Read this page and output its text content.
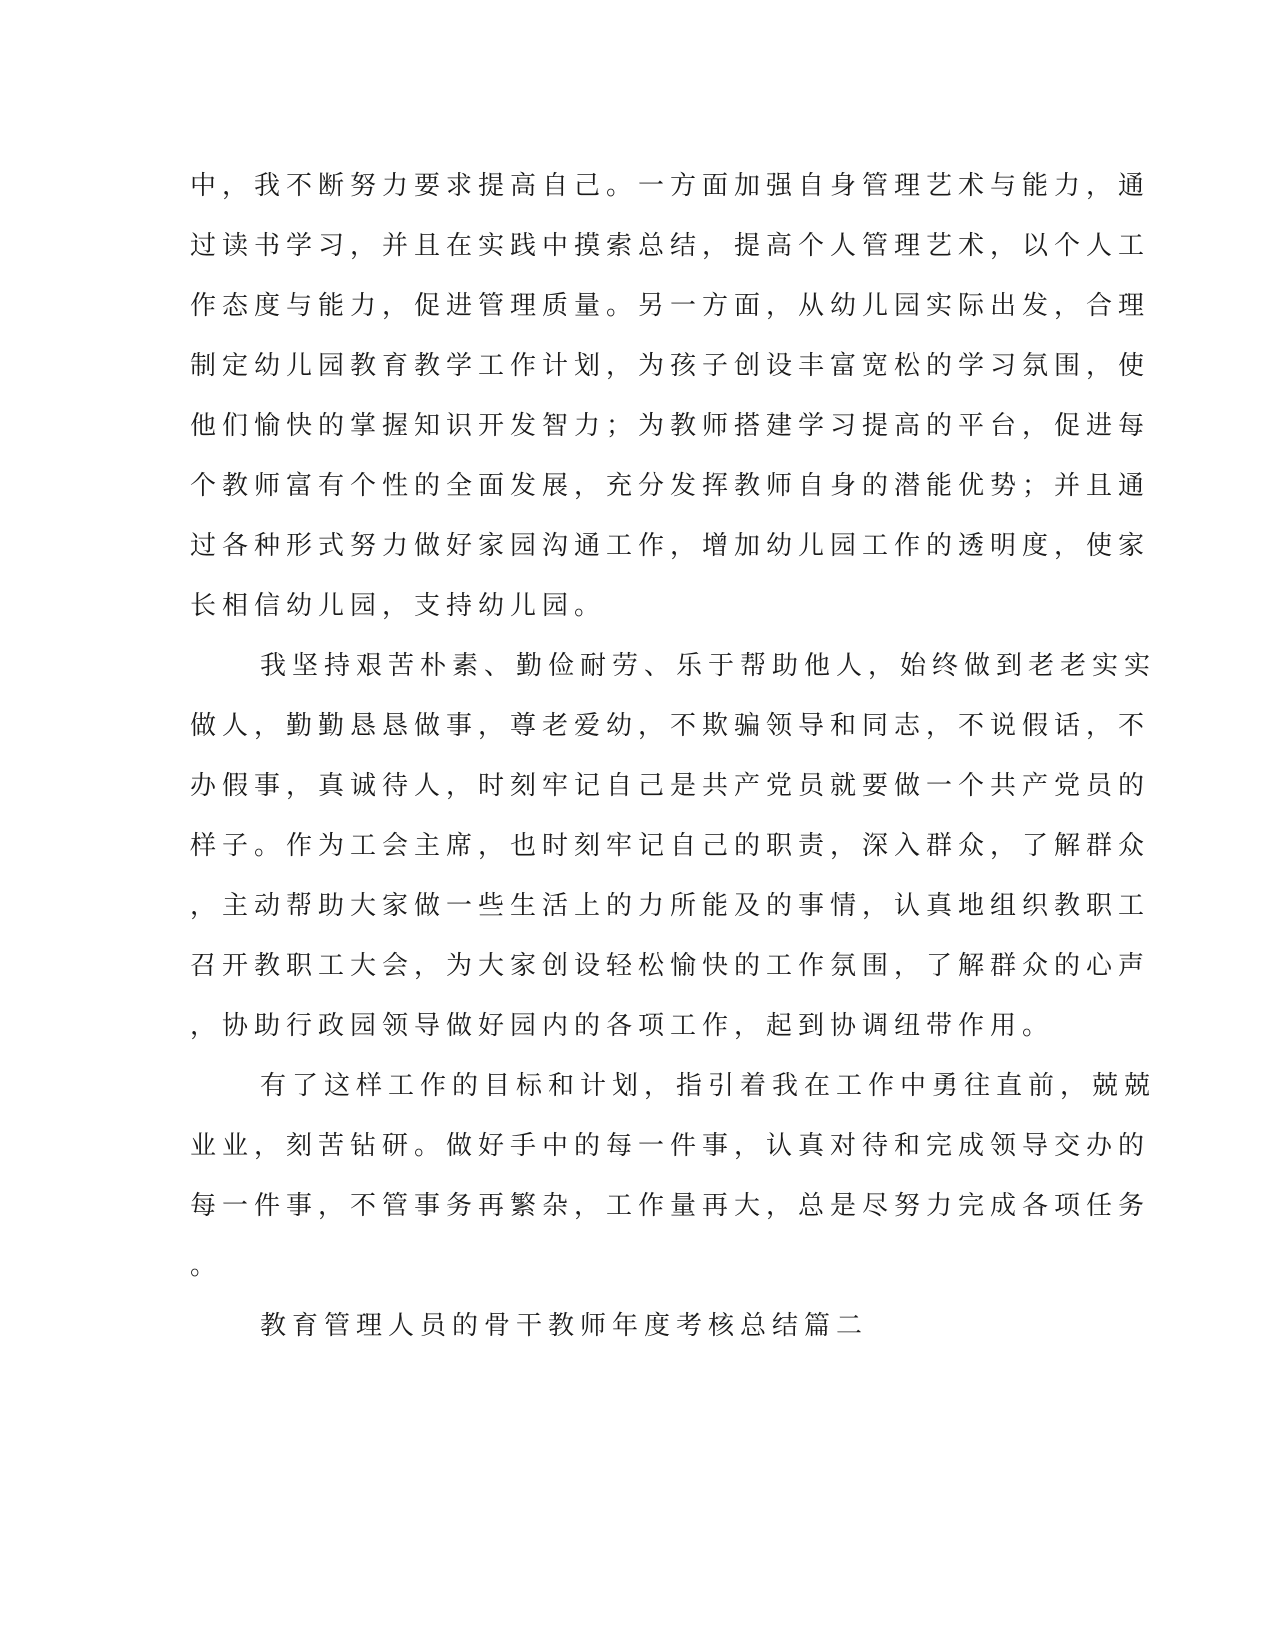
中，我不断努力要求提高自己。一方面加强自身管理艺术与能力，通
过读书学习，并且在实践中摸索总结，提高个人管理艺术，以个人工
作态度与能力，促进管理质量。另一方面，从幼儿园实际出发，合理
制定幼儿园教育教学工作计划，为孩子创设丰富宽松的学习氛围，使
他们愉快的掌握知识开发智力；为教师搭建学习提高的平台，促进每
个教师富有个性的全面发展，充分发挥教师自身的潜能优势；并且通
过各种形式努力做好家园沟通工作，增加幼儿园工作的透明度，使家
长相信幼儿园，支持幼儿园。
我坚持艰苦朴素、勤俭耐劳、乐于帮助他人，始终做到老老实实
做人，勤勤恳恳做事，尊老爱幼，不欺骗领导和同志，不说假话，不
办假事，真诚待人，时刻牢记自己是共产党员就要做一个共产党员的
样子。作为工会主席，也时刻牢记自己的职责，深入群众，了解群众
，主动帮助大家做一些生活上的力所能及的事情，认真地组织教职工
召开教职工大会，为大家创设轻松愉快的工作氛围，了解群众的心声
，协助行政园领导做好园内的各项工作，起到协调纽带作用。
有了这样工作的目标和计划，指引着我在工作中勇往直前，兢兢
业业，刻苦钻研。做好手中的每一件事，认真对待和完成领导交办的
每一件事，不管事务再繁杂，工作量再大，总是尽努力完成各项任务
。
教育管理人员的骨干教师年度考核总结篇二
